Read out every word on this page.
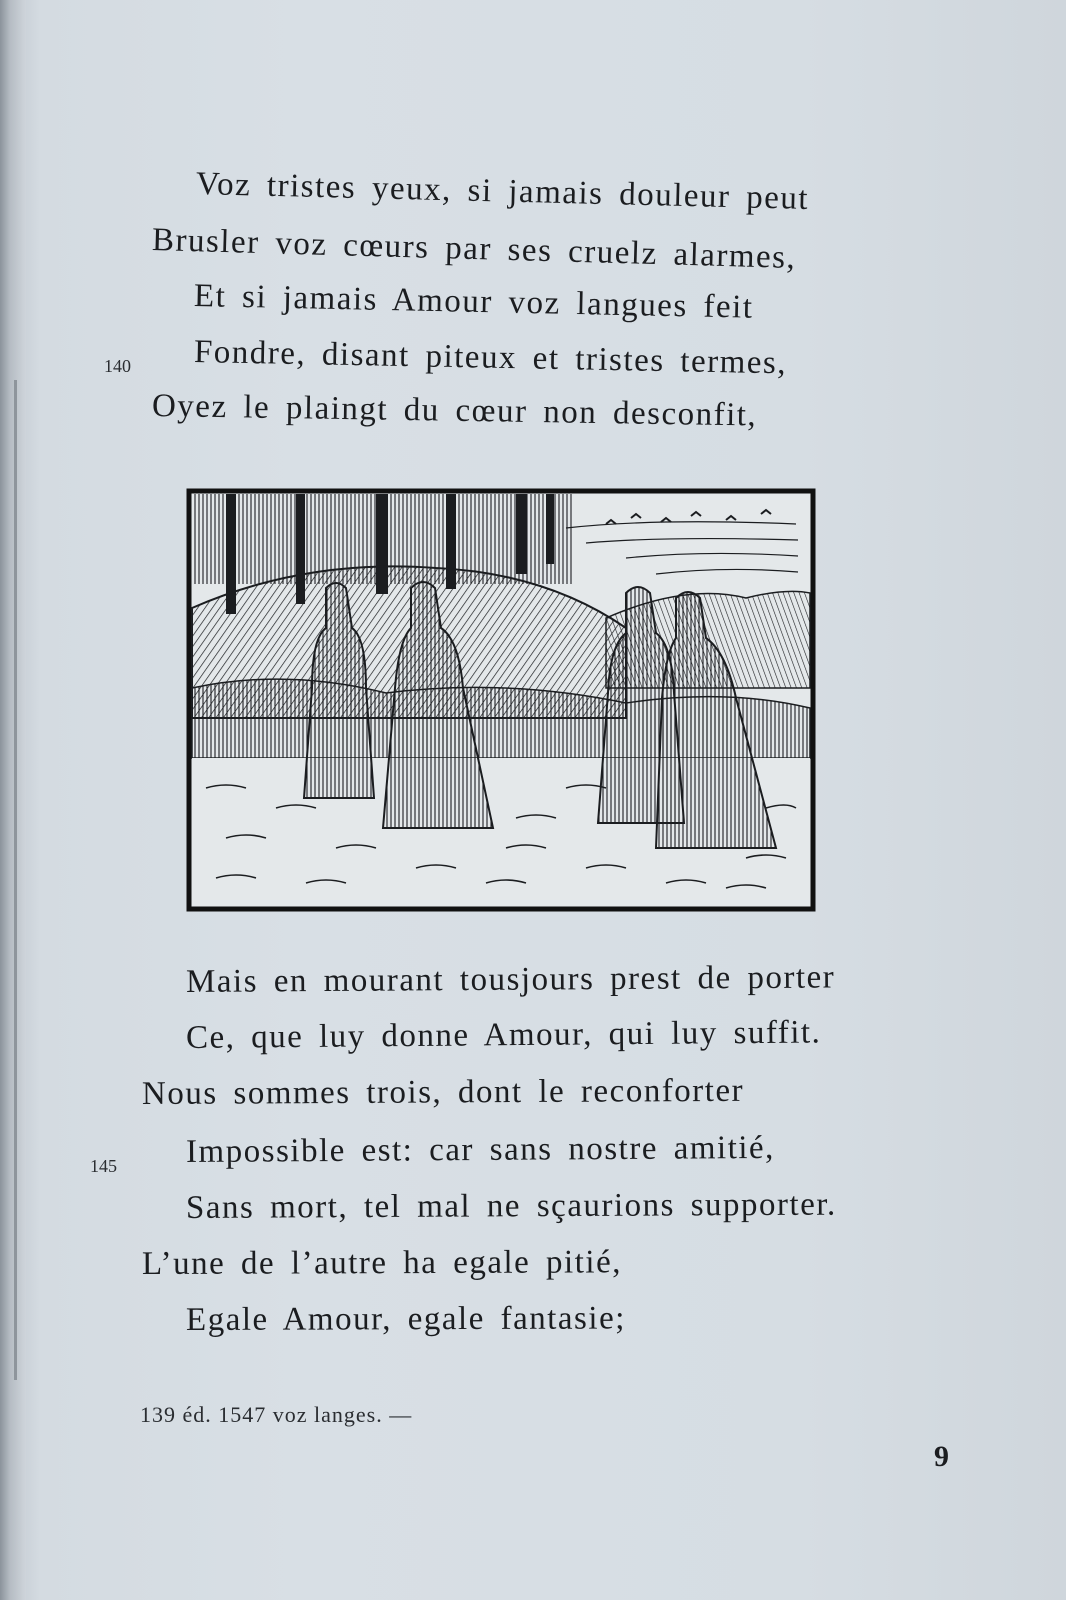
Voz tristes yeux, si jamais douleur peut
Brusler voz cœurs par ses cruelz alarmes,
Et si jamais Amour voz langues feit
140 Fondre, disant piteux et tristes termes,
Oyez le plaingt du cœur non desconfit,
Mais en mourant tousjours prest de porter
Ce, que luy donne Amour, qui luy suffit.
Nous sommes trois, dont le reconforter
145 Impossible est: car sans nostre amitié,
Sans mort, tel mal ne sçaurions supporter.
L’une de l’autre ha egale pitié,
Egale Amour, egale fantasie;
139 éd. 1547 voz langes. —
9
